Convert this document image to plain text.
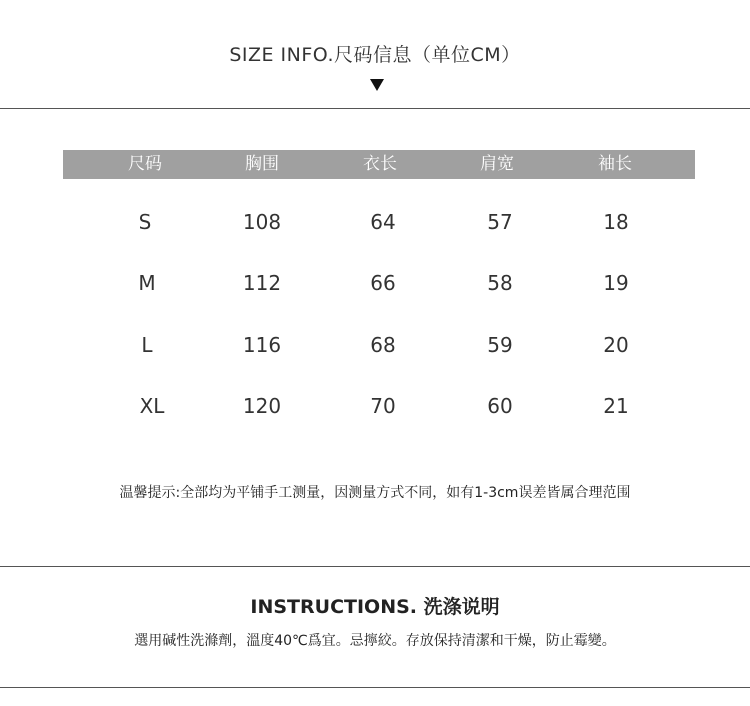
SIZE INFO.尺码信息（单位CM）
尺码	胸围	衣长	肩宽	袖长
S	108	64	57	18
M	112	66	58	19
L	116	68	59	20
XL	120	70	60	21
温馨提示:全部均为平铺手工测量，因测量方式不同，如有1-3cm误差皆属合理范围
INSTRUCTIONS. 洗涤说明
選用碱性洗滌劑，溫度40℃爲宜。忌擰絞。存放保持清潔和干燥，防止霉變。
